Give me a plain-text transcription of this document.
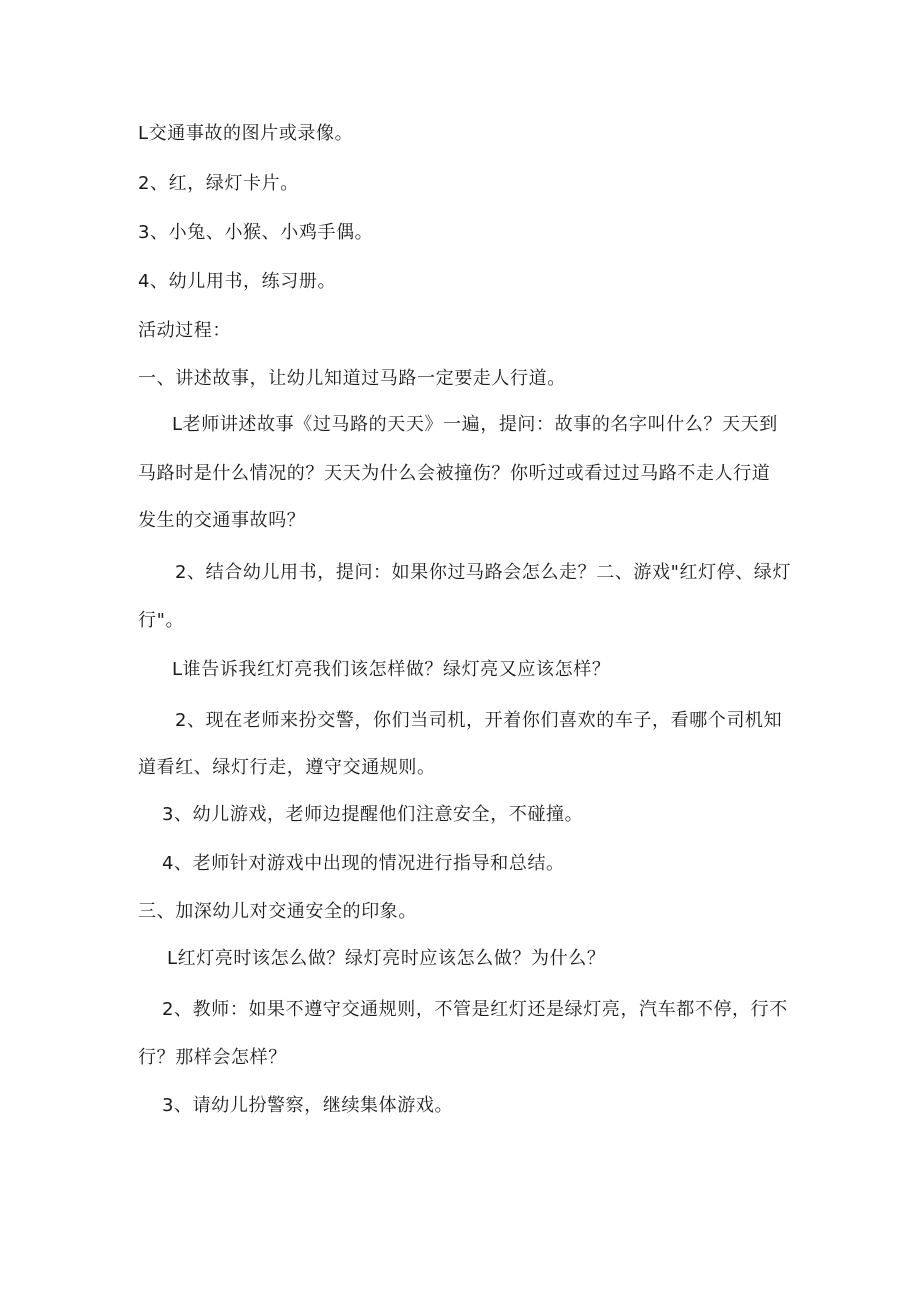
L交通事故的图片或录像。
2、红，绿灯卡片。
3、小兔、小猴、小鸡手偶。
4、幼儿用书，练习册。
活动过程：
一、讲述故事，让幼儿知道过马路一定要走人行道。
L老师讲述故事《过马路的天天》一遍，提问：故事的名字叫什么？天天到
马路时是什么情况的？天天为什么会被撞伤？你听过或看过过马路不走人行道
发生的交通事故吗？
2、结合幼儿用书，提问：如果你过马路会怎么走？二、游戏"红灯停、绿灯
行"。
L谁告诉我红灯亮我们该怎样做？绿灯亮又应该怎样？
2、现在老师来扮交警，你们当司机，开着你们喜欢的车子，看哪个司机知
道看红、绿灯行走，遵守交通规则。
3、幼儿游戏，老师边提醒他们注意安全，不碰撞。
4、老师针对游戏中出现的情况进行指导和总结。
三、加深幼儿对交通安全的印象。
L红灯亮时该怎么做？绿灯亮时应该怎么做？为什么？
2、教师：如果不遵守交通规则，不管是红灯还是绿灯亮，汽车都不停，行不
行？那样会怎样？
3、请幼儿扮警察，继续集体游戏。
